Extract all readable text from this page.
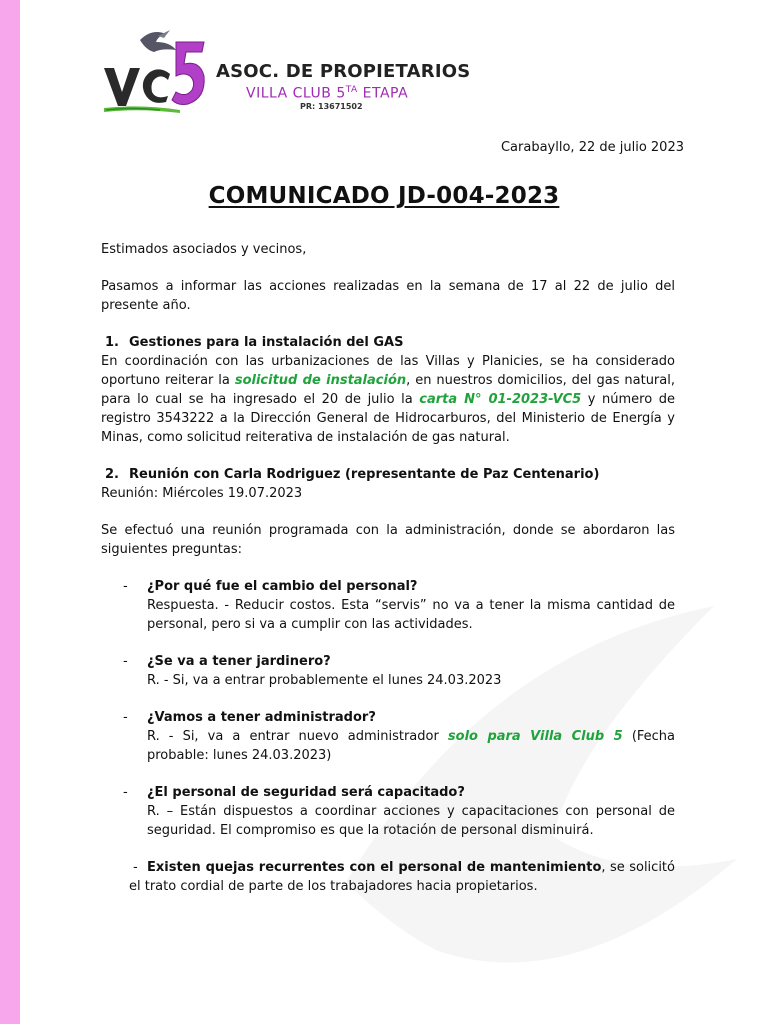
ASOC. DE PROPIETARIOS
VILLA CLUB $5^{TA}$ ETAPA
PR: 13671502
Carabayllo, 22 de julio 2023
COMUNICADO JD-004-2023

Estimados asociados y vecinos,

Pasamos a informar las acciones realizadas en la semana de 17 al 22 de julio del presente año.

1. Gestiones para la instalación del GAS

En coordinación con las urbanizaciones de las Villas y Planicies, se ha considerado oportuno reiterar la solicitud de instalación, en nuestros domicilios, del gas natural, para lo cual se ha ingresado el 20 de julio la carta N° 01-2023-VC5 y número de registro 3543222 a la Dirección General de Hidrocarburos, del Ministerio de Energía y Minas, como solicitud reiterativa de instalación de gas natural.

2. Reunión con Carla Rodriguez (representante de Paz Centenario)

Reunión: Miércoles 19.07.2023

Se efectuó una reunión programada con la administración, donde se abordaron las siguientes preguntas:

- ¿Por qué fue el cambio del personal?

Respuesta. - Reducir costos. Esta “servis” no va a tener la misma cantidad de personal, pero si va a cumplir con las actividades.

- ¿Se va a tener jardinero?

R. - Si, va a entrar probablemente el lunes 24.03.2023

- ¿Vamos a tener administrador?

R. - Si, va a entrar nuevo administrador solo para Villa Club 5 (Fecha probable: lunes 24.03.2023)

- ¿El personal de seguridad será capacitado?

R. – Están dispuestos a coordinar acciones y capacitaciones con personal de seguridad. El compromiso es que la rotación de personal disminuirá.

- Existen quejas recurrentes con el personal de mantenimiento, se solicitó el trato cordial de parte de los trabajadores hacia propietarios.
